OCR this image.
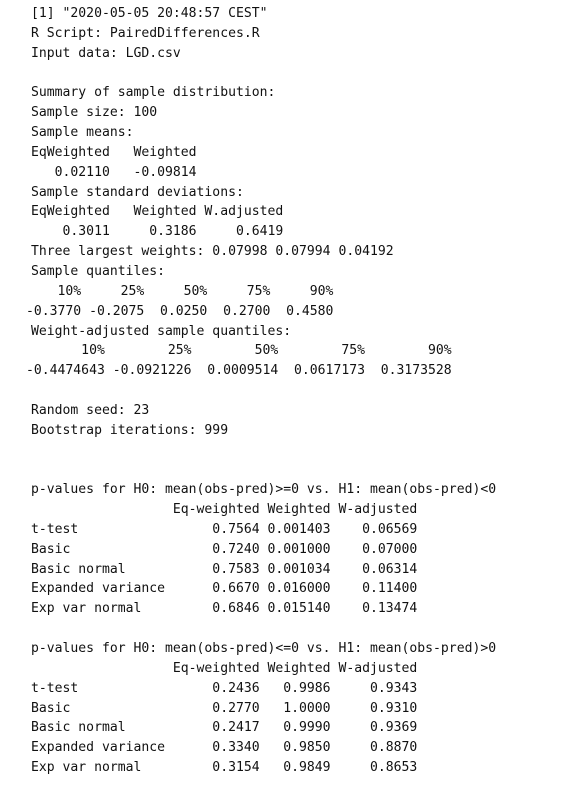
[1] "2020-05-05 20:48:57 CEST"
R Script: PairedDifferences.R
Input data: LGD.csv
Summary of sample distribution:
Sample size: 100
Sample means:
EqWeighted   Weighted
0.02110   -0.09814
Sample standard deviations:
EqWeighted   Weighted W.adjusted
0.3011     0.3186     0.6419
Three largest weights: 0.07998 0.07994 0.04192
Sample quantiles:
10%     25%     50%     75%     90%
-0.3770 -0.2075  0.0250  0.2700  0.4580
Weight-adjusted sample quantiles:
10%        25%        50%        75%        90%
-0.4474643 -0.0921226  0.0009514  0.0617173  0.3173528
Random seed: 23
Bootstrap iterations: 999
p-values for H0: mean(obs-pred)>=0 vs. H1: mean(obs-pred)<0
Eq-weighted Weighted W-adjusted
t-test                 0.7564 0.001403    0.06569
Basic                  0.7240 0.001000    0.07000
Basic normal           0.7583 0.001034    0.06314
Expanded variance      0.6670 0.016000    0.11400
Exp var normal         0.6846 0.015140    0.13474
p-values for H0: mean(obs-pred)<=0 vs. H1: mean(obs-pred)>0
Eq-weighted Weighted W-adjusted
t-test                 0.2436   0.9986     0.9343
Basic                  0.2770   1.0000     0.9310
Basic normal           0.2417   0.9990     0.9369
Expanded variance      0.3340   0.9850     0.8870
Exp var normal         0.3154   0.9849     0.8653
